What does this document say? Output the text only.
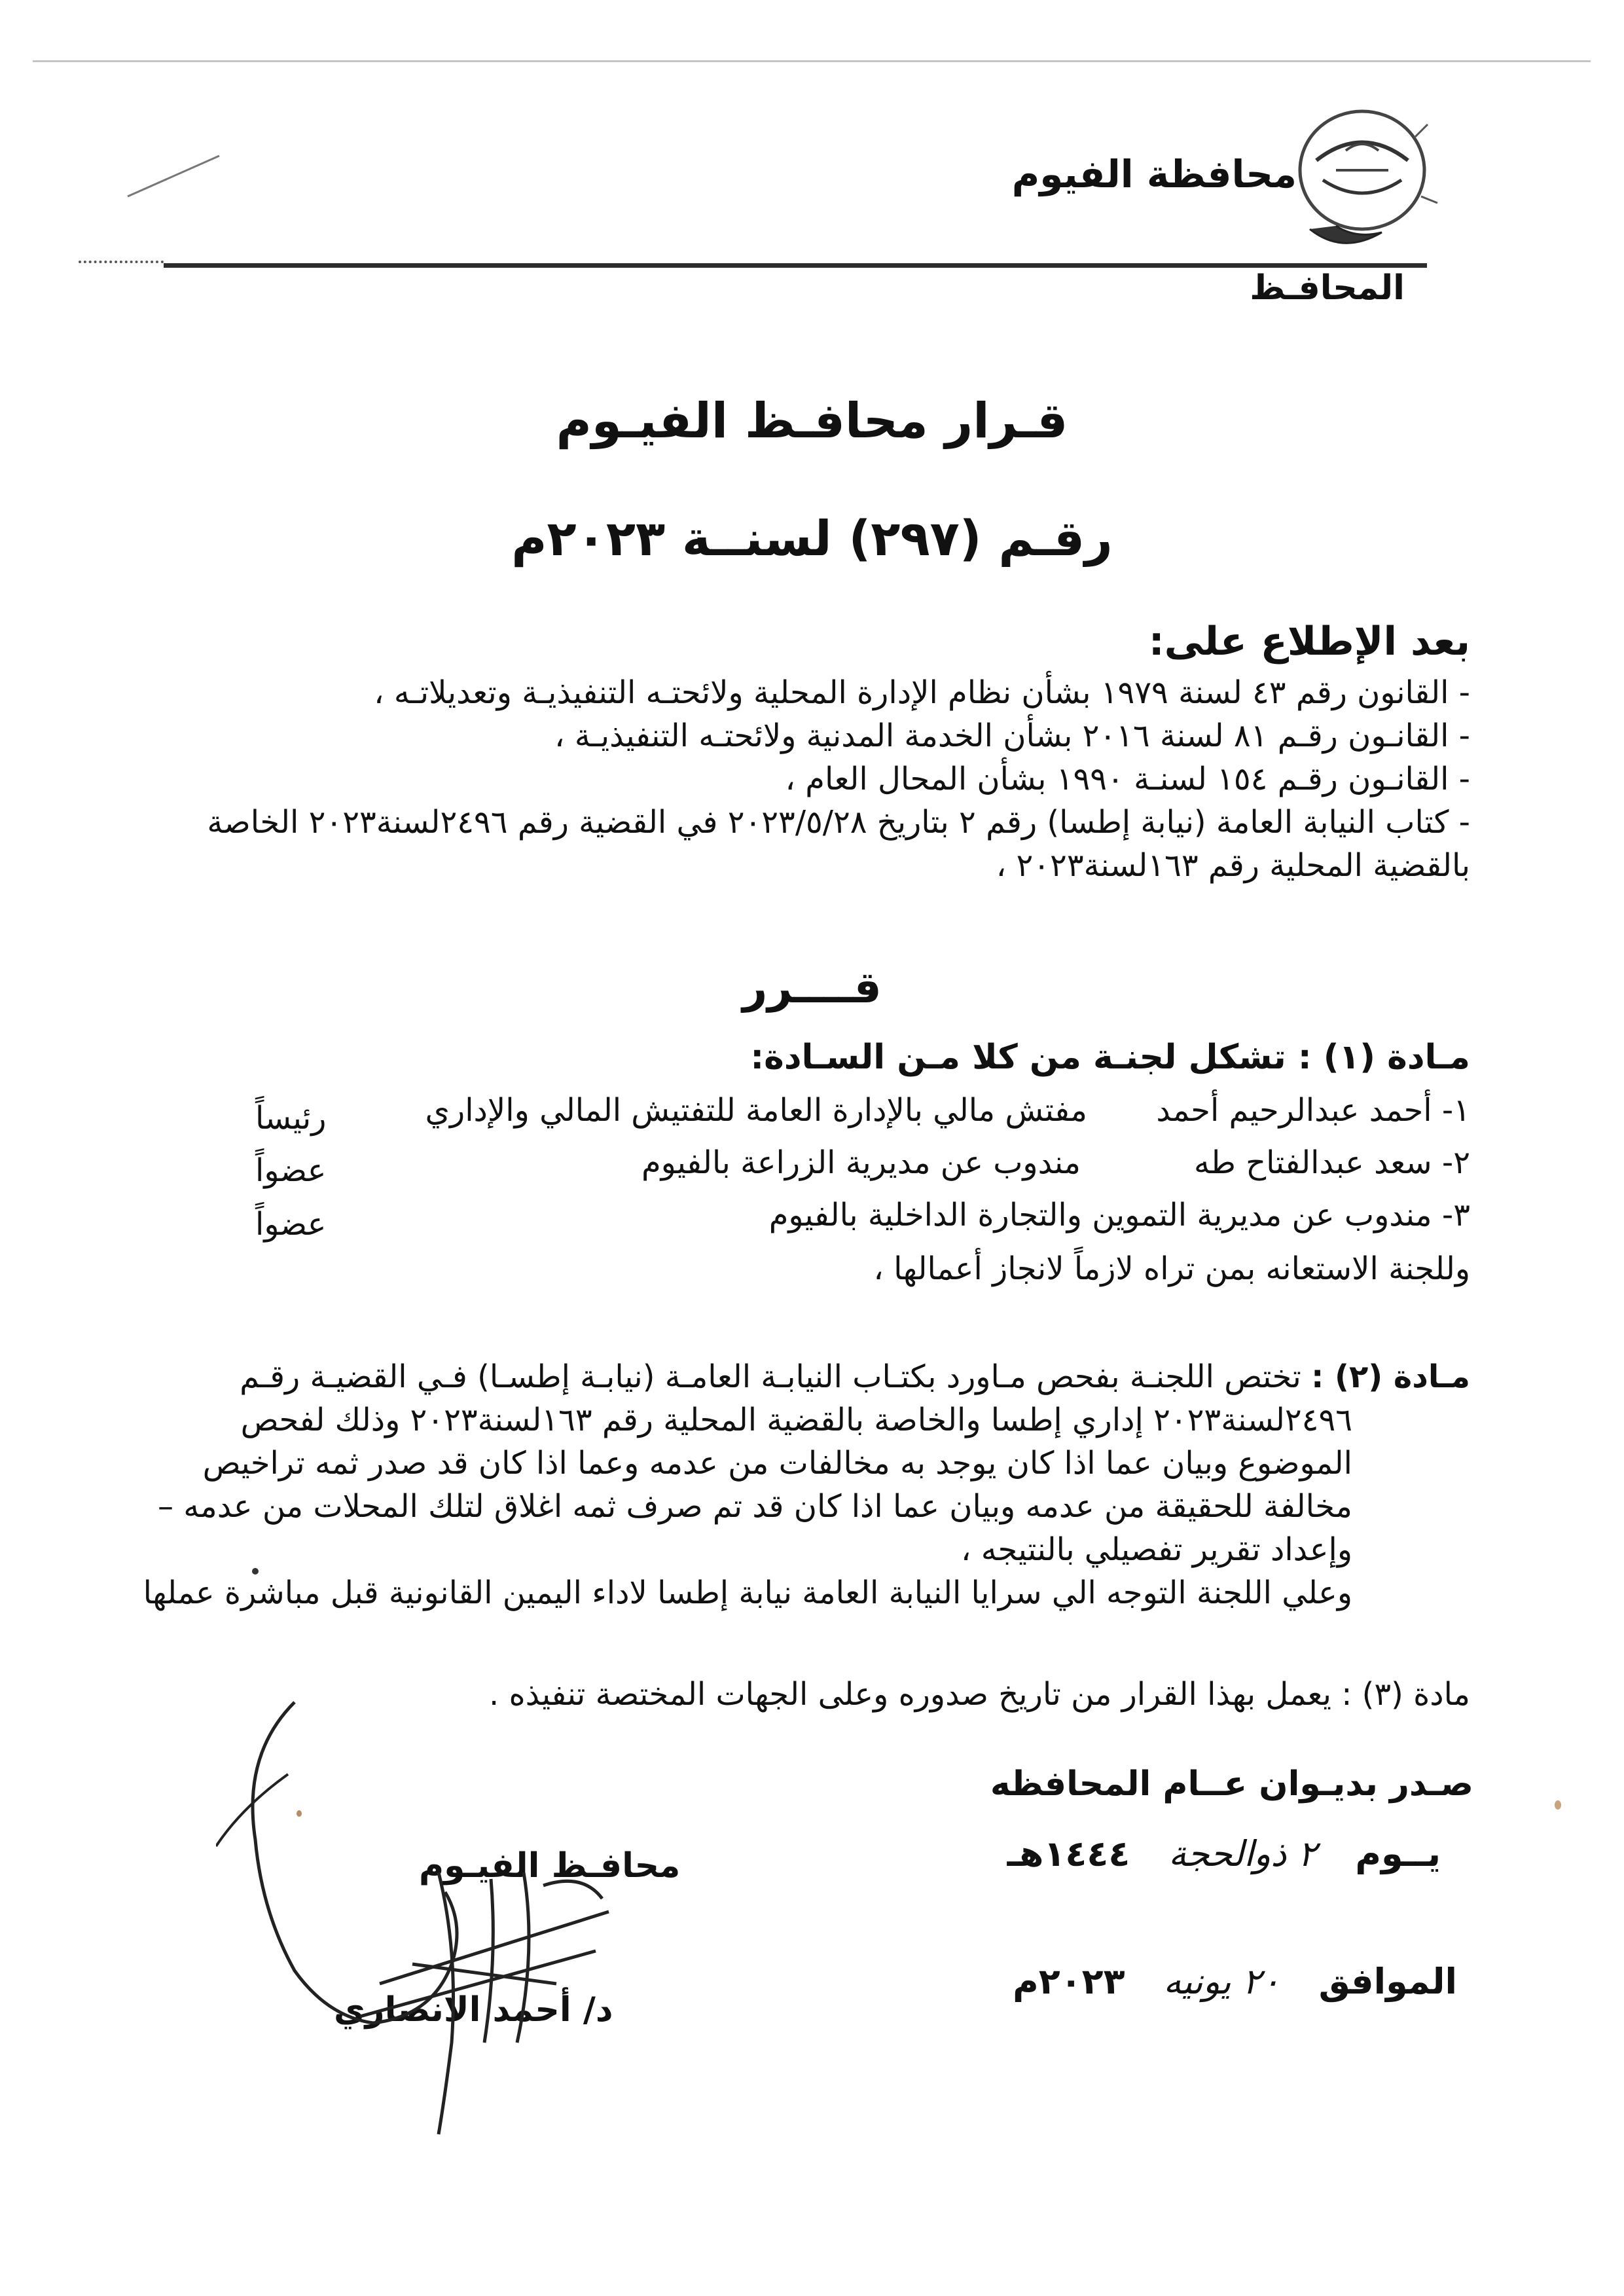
محافظة الفيوم
المحافـظ
قـرار محافـظ الفيـوم
رقـم (٢٩٧) لسنــة ٢٠٢٣م
بعد الإطلاع على:

- القانون رقم ٤٣ لسنة ١٩٧٩ بشأن نظام الإدارة المحلية ولائحتـه التنفيذيـة وتعديلاتـه ،

- القانـون رقـم ٨١ لسنة ٢٠١٦ بشأن الخدمة المدنية ولائحتـه التنفيذيـة ،

- القانـون رقـم ١٥٤ لسنـة ١٩٩٠ بشأن المحال العام ،

- كتاب النيابة العامة (نيابة إطسا) رقم ٢ بتاريخ ٢٠٢٣/٥/٢٨ في القضية رقم ٢٤٩٦لسنة٢٠٢٣ الخاصة

بالقضية المحلية رقم ١٦٣لسنة٢٠٢٣ ،

قــــرر
مـادة (١) : تشكل لجنـة من كلا مـن السـادة:
١- أحمد عبدالرحيم أحمد
مفتش مالي بالإدارة العامة للتفتيش المالي والإداري
رئيساً
٢- سعد عبدالفتاح طه
مندوب عن مديرية الزراعة بالفيوم
عضواً
٣- مندوب عن مديرية التموين والتجارة الداخلية بالفيوم
عضواً
وللجنة الاستعانه بمن تراه لازماً لانجاز أعمالها ،

مـادة (٢) : تختص اللجنـة بفحص مـاورد بكتـاب النيابـة العامـة (نيابـة إطسـا) فـي القضيـة رقـم

٢٤٩٦لسنة٢٠٢٣ إداري إطسا والخاصة بالقضية المحلية رقم ١٦٣لسنة٢٠٢٣ وذلك لفحص

الموضوع وبيان عما اذا كان يوجد به مخالفات من عدمه وعما اذا كان قد صدر ثمه تراخيص

مخالفة للحقيقة من عدمه وبيان عما اذا كان قد تم صرف ثمه اغلاق لتلك المحلات من عدمه –

وإعداد تقرير تفصيلي بالنتيجه ،

وعلي اللجنة التوجه الي سرايا النيابة العامة نيابة إطسا لاداء اليمين القانونية قبل مباشرة عملها

مادة (٣) : يعمل بهذا القرار من تاريخ صدوره وعلى الجهات المختصة تنفيذه .
صـدر بديـوان عــام المحافظه
يــوم ٢ ذوالحجة ١٤٤٤هـ
الموافق ٢٠ يونيه ٢٠٢٣م
محافـظ الفيـوم
د/ أحمد الانصاري
